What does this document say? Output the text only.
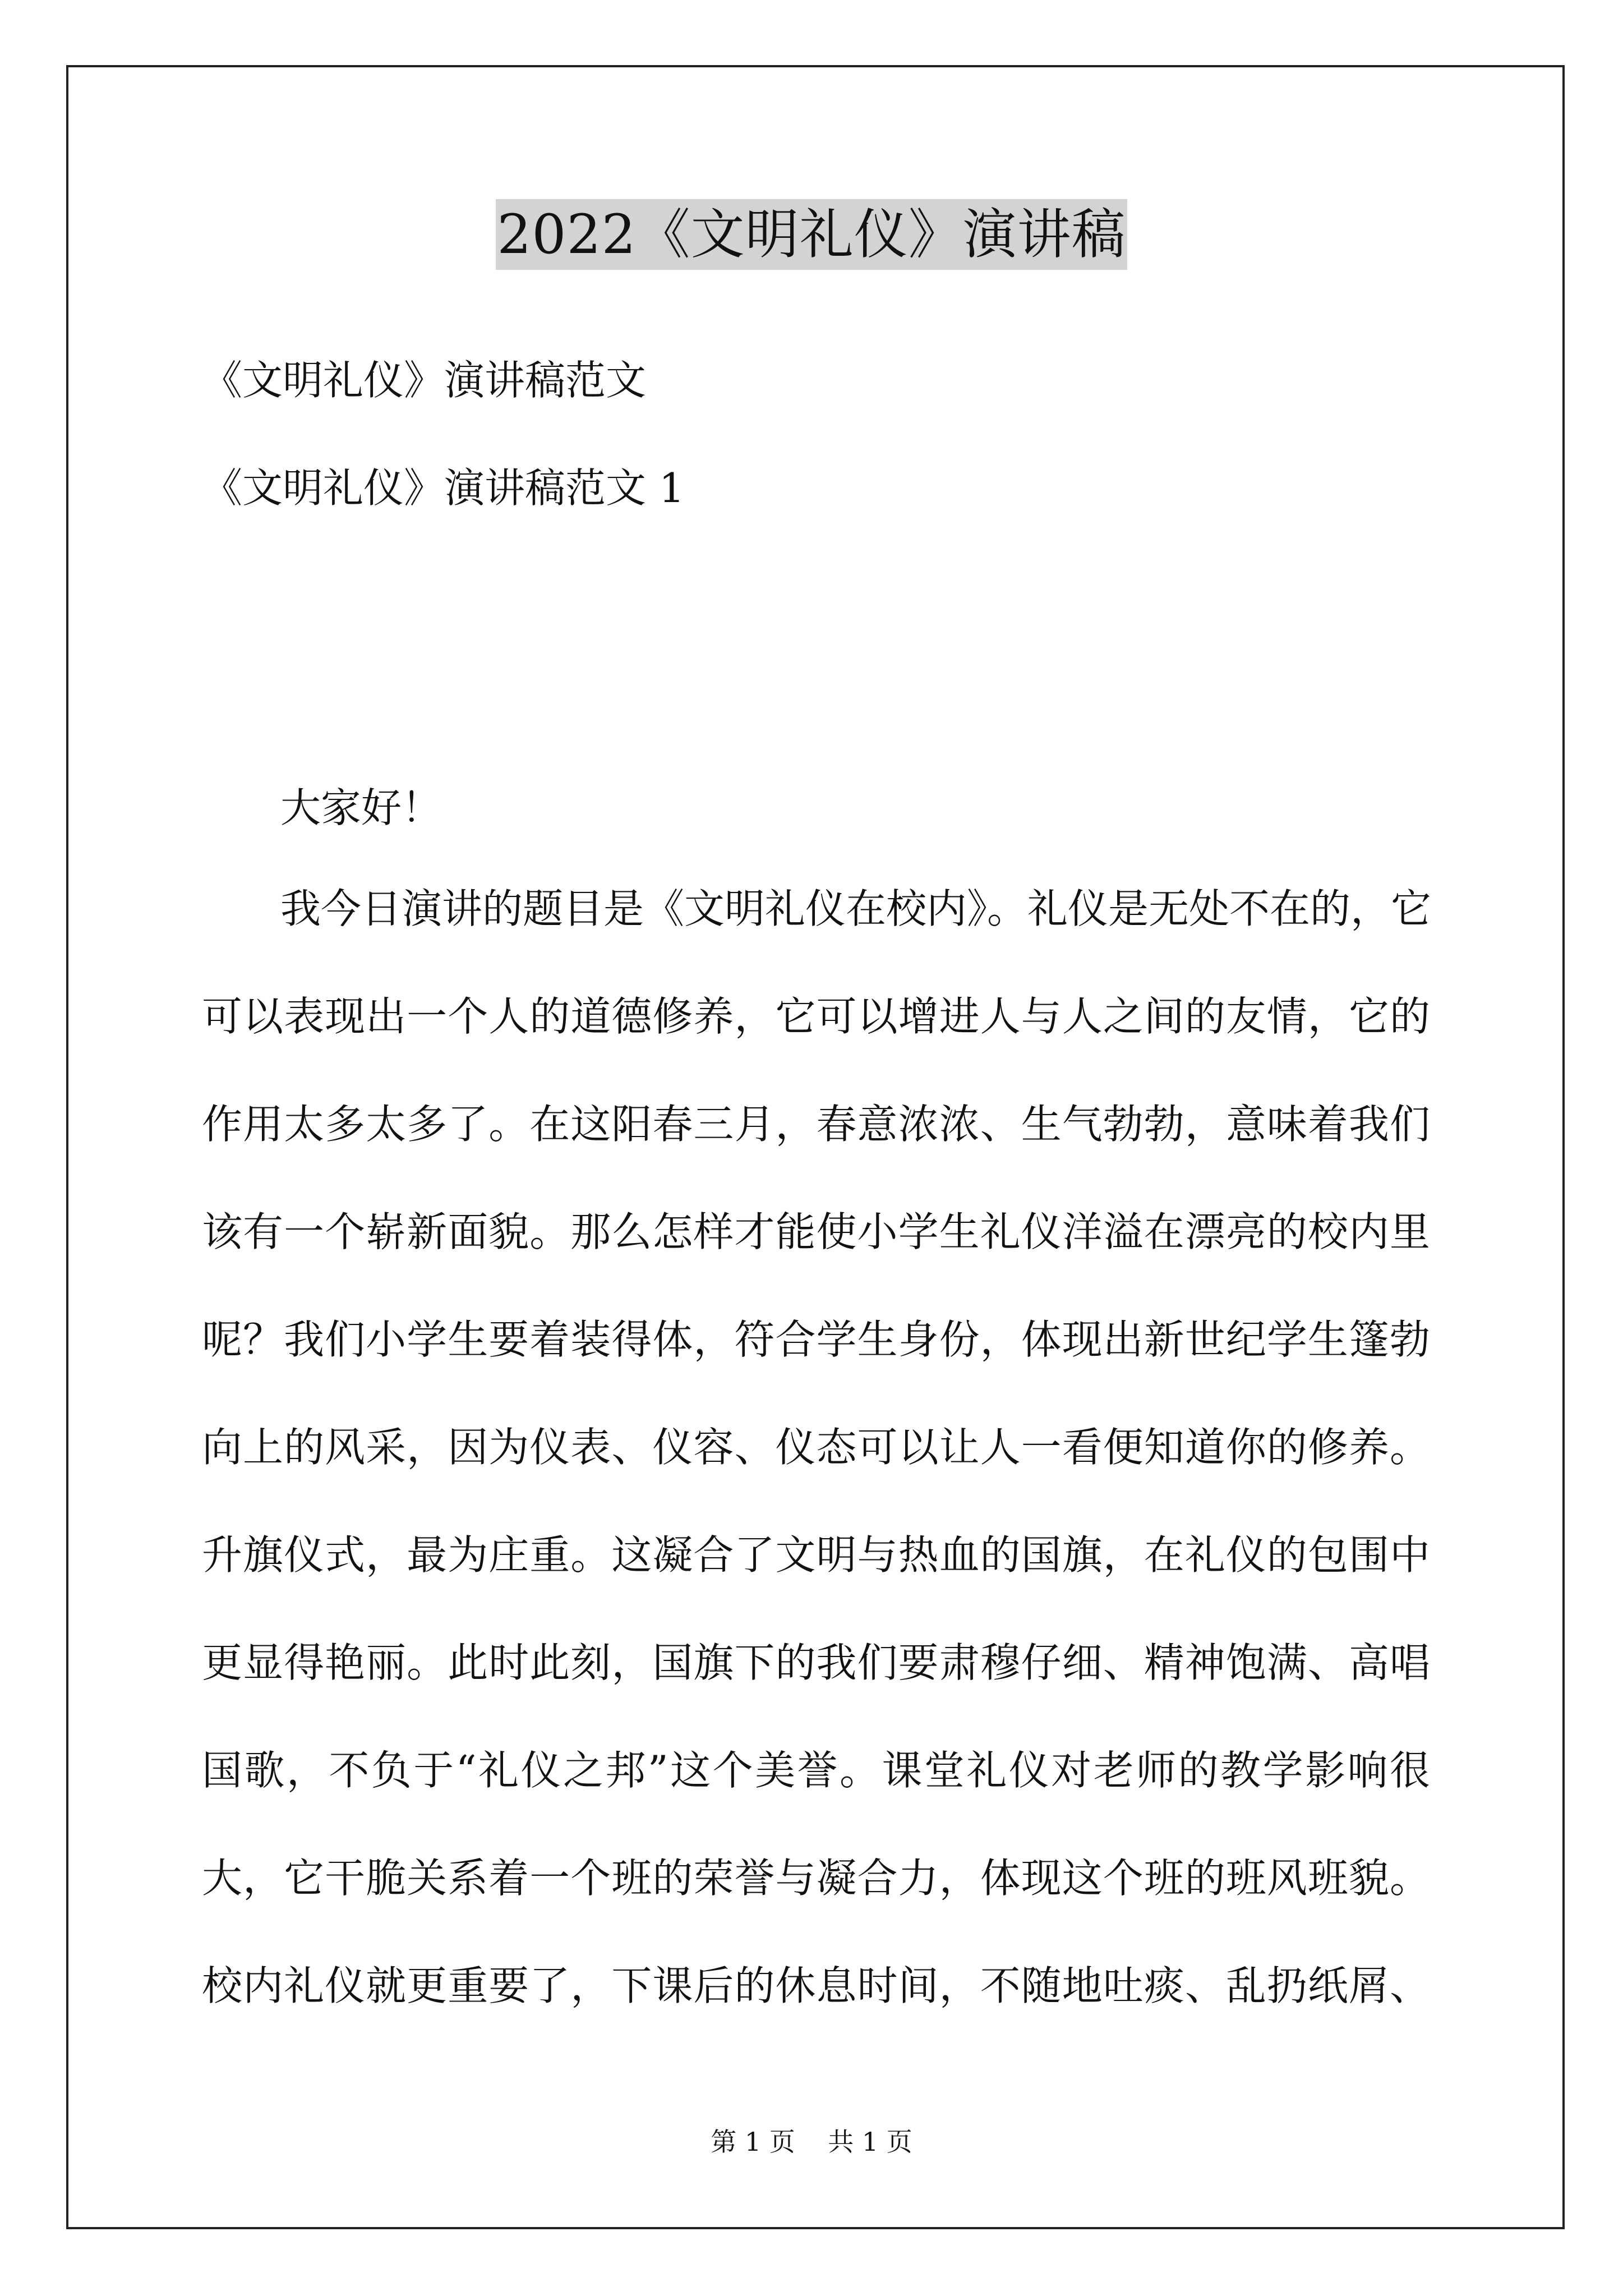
2022《文明礼仪》演讲稿
《文明礼仪》演讲稿范文
《文明礼仪》演讲稿范文 1
大家好！
我今日演讲的题目是《文明礼仪在校内》。礼仪是无处不在的，它
可以表现出一个人的道德修养，它可以增进人与人之间的友情，它的
作用太多太多了。在这阳春三月，春意浓浓、生气勃勃，意味着我们
该有一个崭新面貌。那么怎样才能使小学生礼仪洋溢在漂亮的校内里
呢？我们小学生要着装得体，符合学生身份，体现出新世纪学生篷勃
向上的风采，因为仪表、仪容、仪态可以让人一看便知道你的修养。
升旗仪式，最为庄重。这凝合了文明与热血的国旗，在礼仪的包围中
更显得艳丽。此时此刻，国旗下的我们要肃穆仔细、精神饱满、高唱
国歌，不负于“礼仪之邦”这个美誉。课堂礼仪对老师的教学影响很
大，它干脆关系着一个班的荣誉与凝合力，体现这个班的班风班貌。
校内礼仪就更重要了，下课后的休息时间，不随地吐痰、乱扔纸屑、
第 1 页    共 1 页
